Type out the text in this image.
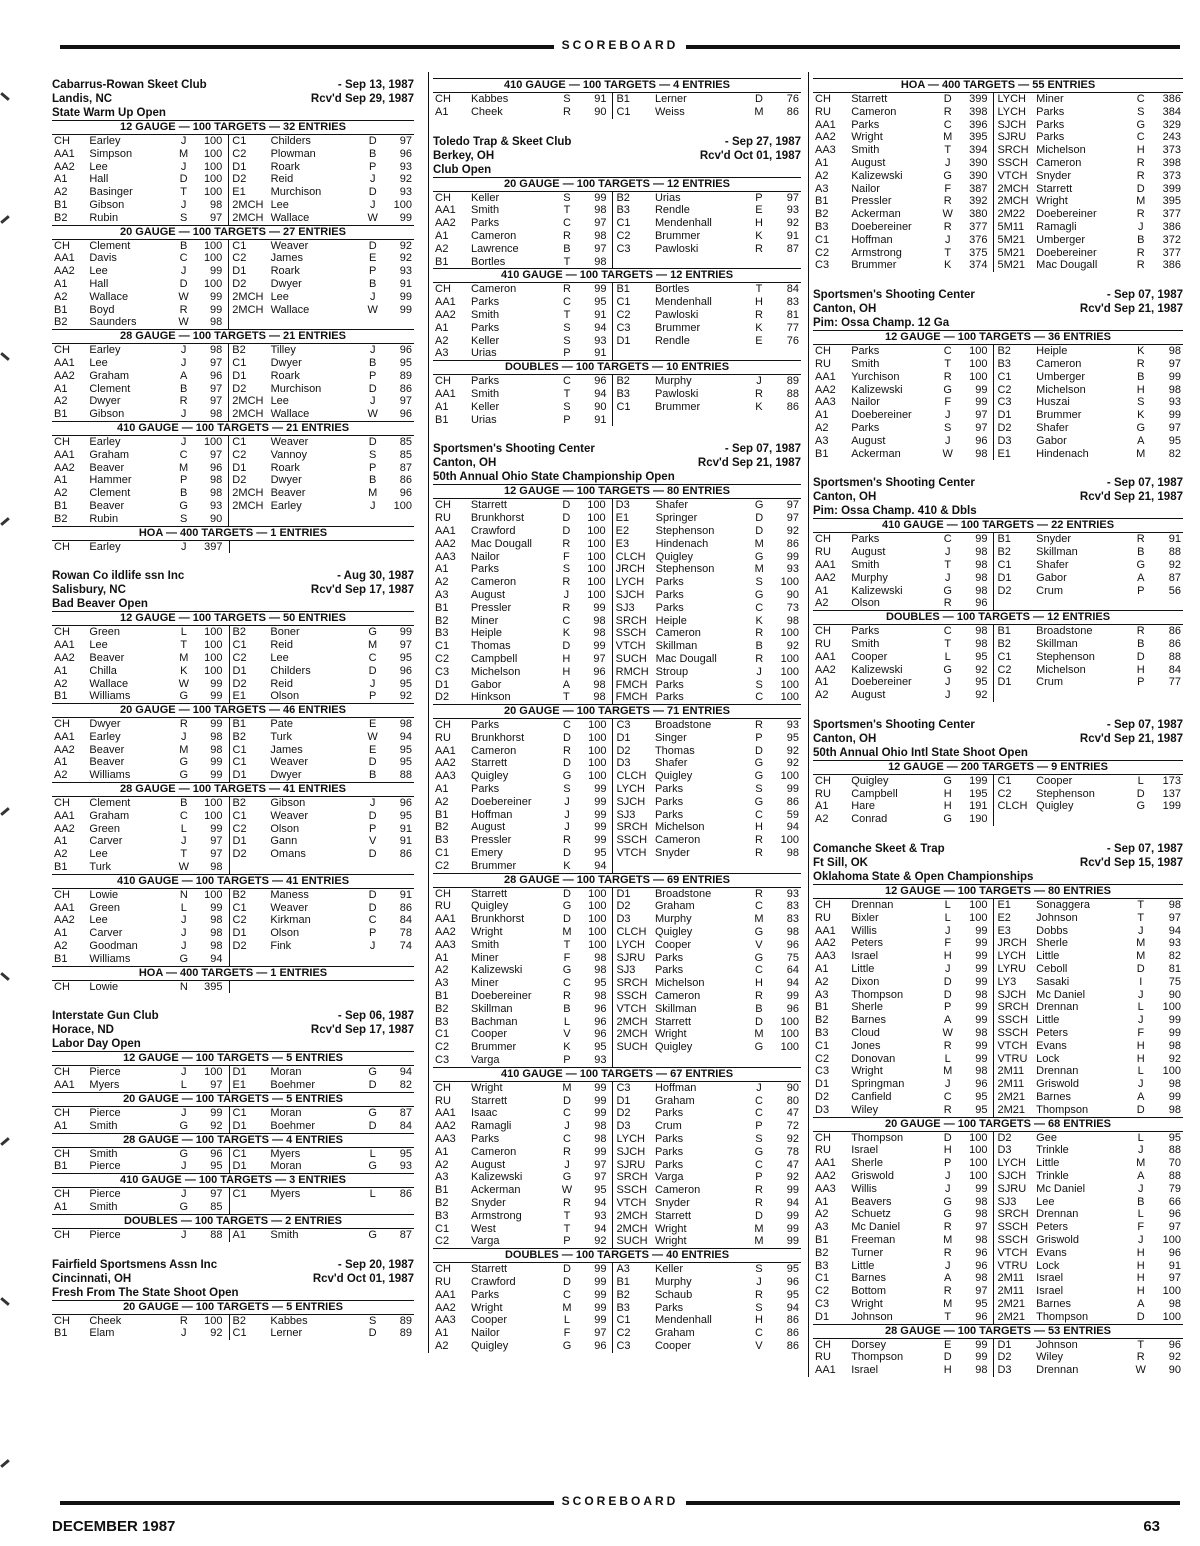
SCOREBOARD
Cabarrus-Rowan Skeet Club	- Sep 13, 1987
Landis, NC	Rcv'd Sep 29, 1987
State Warm Up Open
12 GAUGE — 100 TARGETS — 32 ENTRIES
CH	Earley	J	100	C1	Childers	D	97
AA1	Simpson	M	100	C2	Plowman	B	96
AA2	Lee	J	100	D1	Roark	P	93
A1	Hall	D	100	D2	Reid	J	92
A2	Basinger	T	100	E1	Murchison	D	93
B1	Gibson	J	98	2MCH	Lee	J	100
B2	Rubin	S	97	2MCH	Wallace	W	99
20 GAUGE — 100 TARGETS — 27 ENTRIES
CH	Clement	B	100	C1	Weaver	D	92
AA1	Davis	C	100	C2	James	E	92
AA2	Lee	J	99	D1	Roark	P	93
A1	Hall	D	100	D2	Dwyer	B	91
A2	Wallace	W	99	2MCH	Lee	J	99
B1	Boyd	R	99	2MCH	Wallace	W	99
B2	Saunders	W	98				
28 GAUGE — 100 TARGETS — 21 ENTRIES
CH	Earley	J	98	B2	Tilley	J	96
AA1	Lee	J	97	C1	Dwyer	B	95
AA2	Graham	A	96	D1	Roark	P	89
A1	Clement	B	97	D2	Murchison	D	86
A2	Dwyer	R	97	2MCH	Lee	J	97
B1	Gibson	J	98	2MCH	Wallace	W	96
410 GAUGE — 100 TARGETS — 21 ENTRIES
CH	Earley	J	100	C1	Weaver	D	85
AA1	Graham	C	97	C2	Vannoy	S	85
AA2	Beaver	M	96	D1	Roark	P	87
A1	Hammer	P	98	D2	Dwyer	B	86
A2	Clement	B	98	2MCH	Beaver	M	96
B1	Beaver	G	93	2MCH	Earley	J	100
B2	Rubin	S	90				
HOA — 400 TARGETS — 1 ENTRIES
CH	Earley	J	397				
Rowan Co ildlife ssn Inc	- Aug 30, 1987
Salisbury, NC	Rcv'd Sep 17, 1987
Bad Beaver Open
12 GAUGE — 100 TARGETS — 50 ENTRIES
CH	Green	L	100	B2	Boner	G	99
AA1	Lee	T	100	C1	Reid	M	97
AA2	Beaver	M	100	C2	Lee	C	95
A1	Chilla	K	100	D1	Childers	D	96
A2	Wallace	W	99	D2	Reid	J	95
B1	Williams	G	99	E1	Olson	P	92
20 GAUGE — 100 TARGETS — 46 ENTRIES
CH	Dwyer	R	99	B1	Pate	E	98
AA1	Earley	J	98	B2	Turk	W	94
AA2	Beaver	M	98	C1	James	E	95
A1	Beaver	G	99	C1	Weaver	D	95
A2	Williams	G	99	D1	Dwyer	B	88
28 GAUGE — 100 TARGETS — 41 ENTRIES
CH	Clement	B	100	B2	Gibson	J	96
AA1	Graham	C	100	C1	Weaver	D	95
AA2	Green	L	99	C2	Olson	P	91
A1	Carver	J	97	D1	Gann	V	91
A2	Lee	T	97	D2	Omans	D	86
B1	Turk	W	98				
410 GAUGE — 100 TARGETS — 41 ENTRIES
CH	Lowie	N	100	B2	Maness	D	91
AA1	Green	L	99	C1	Weaver	D	86
AA2	Lee	J	98	C2	Kirkman	C	84
A1	Carver	J	98	D1	Olson	P	78
A2	Goodman	J	98	D2	Fink	J	74
B1	Williams	G	94				
HOA — 400 TARGETS — 1 ENTRIES
CH	Lowie	N	395				
Interstate Gun Club	- Sep 06, 1987
Horace, ND	Rcv'd Sep 17, 1987
Labor Day Open
12 GAUGE — 100 TARGETS — 5 ENTRIES
CH	Pierce	J	100	D1	Moran	G	94
AA1	Myers	L	97	E1	Boehmer	D	82
20 GAUGE — 100 TARGETS — 5 ENTRIES
CH	Pierce	J	99	C1	Moran	G	87
A1	Smith	G	92	D1	Boehmer	D	84
28 GAUGE — 100 TARGETS — 4 ENTRIES
CH	Smith	G	96	C1	Myers	L	95
B1	Pierce	J	95	D1	Moran	G	93
410 GAUGE — 100 TARGETS — 3 ENTRIES
CH	Pierce	J	97	C1	Myers	L	86
A1	Smith	G	85				
DOUBLES — 100 TARGETS — 2 ENTRIES
CH	Pierce	J	88	A1	Smith	G	87
Fairfield Sportsmens Assn Inc	- Sep 20, 1987
Cincinnati, OH	Rcv'd Oct 01, 1987
Fresh From The State Shoot Open
20 GAUGE — 100 TARGETS — 5 ENTRIES
CH	Cheek	R	100	B2	Kabbes	S	89
B1	Elam	J	92	C1	Lerner	D	89
410 GAUGE — 100 TARGETS — 4 ENTRIES
CH	Kabbes	S	91	B1	Lerner	D	76
A1	Cheek	R	90	C1	Weiss	M	86
Toledo Trap & Skeet Club	- Sep 27, 1987
Berkey, OH	Rcv'd Oct 01, 1987
Club Open
20 GAUGE — 100 TARGETS — 12 ENTRIES
CH	Keller	S	99	B2	Urias	P	97
AA1	Smith	T	98	B3	Rendle	E	93
AA2	Parks	C	97	C1	Mendenhall	H	92
A1	Cameron	R	98	C2	Brummer	K	91
A2	Lawrence	B	97	C3	Pawloski	R	87
B1	Bortles	T	98				
410 GAUGE — 100 TARGETS — 12 ENTRIES
CH	Cameron	R	99	B1	Bortles	T	84
AA1	Parks	C	95	C1	Mendenhall	H	83
AA2	Smith	T	91	C2	Pawloski	R	81
A1	Parks	S	94	C3	Brummer	K	77
A2	Keller	S	93	D1	Rendle	E	76
A3	Urias	P	91				
DOUBLES — 100 TARGETS — 10 ENTRIES
CH	Parks	C	96	B2	Murphy	J	89
AA1	Smith	T	94	B3	Pawloski	R	88
A1	Keller	S	90	C1	Brummer	K	86
B1	Urias	P	91				
Sportsmen's Shooting Center	- Sep 07, 1987
Canton, OH	Rcv'd Sep 21, 1987
50th Annual Ohio State Championship Open
12 GAUGE — 100 TARGETS — 80 ENTRIES
CH	Starrett	D	100	D3	Shafer	G	97
RU	Brunkhorst	D	100	E1	Springer	D	97
AA1	Crawford	D	100	E2	Stephenson	D	92
AA2	Mac Dougall	R	100	E3	Hindenach	M	86
AA3	Nailor	F	100	CLCH	Quigley	G	99
A1	Parks	S	100	JRCH	Stephenson	M	93
A2	Cameron	R	100	LYCH	Parks	S	100
A3	August	J	100	SJCH	Parks	G	90
B1	Pressler	R	99	SJ3	Parks	C	73
B2	Miner	C	98	SRCH	Heiple	K	98
B3	Heiple	K	98	SSCH	Cameron	R	100
C1	Thomas	D	99	VTCH	Skillman	B	92
C2	Campbell	H	97	SUCH	Mac Dougall	R	100
C3	Michelson	H	96	RMCH	Stroup	J	100
D1	Gabor	A	98	FMCH	Parks	S	100
D2	Hinkson	T	98	FMCH	Parks	C	100
20 GAUGE — 100 TARGETS — 71 ENTRIES
CH	Parks	C	100	C3	Broadstone	R	93
RU	Brunkhorst	D	100	D1	Singer	P	95
AA1	Cameron	R	100	D2	Thomas	D	92
AA2	Starrett	D	100	D3	Shafer	G	92
AA3	Quigley	G	100	CLCH	Quigley	G	100
A1	Parks	S	99	LYCH	Parks	S	99
A2	Doebereiner	J	99	SJCH	Parks	G	86
B1	Hoffman	J	99	SJ3	Parks	C	59
B2	August	J	99	SRCH	Michelson	H	94
B3	Pressler	R	99	SSCH	Cameron	R	100
C1	Emery	D	95	VTCH	Snyder	R	98
C2	Brummer	K	94				
28 GAUGE — 100 TARGETS — 69 ENTRIES
CH	Starrett	D	100	D1	Broadstone	R	93
RU	Quigley	G	100	D2	Graham	C	83
AA1	Brunkhorst	D	100	D3	Murphy	M	83
AA2	Wright	M	100	CLCH	Quigley	G	98
AA3	Smith	T	100	LYCH	Cooper	V	96
A1	Miner	F	98	SJRU	Parks	G	75
A2	Kalizewski	G	98	SJ3	Parks	C	64
A3	Miner	C	95	SRCH	Michelson	H	94
B1	Doebereiner	R	98	SSCH	Cameron	R	99
B2	Skillman	B	96	VTCH	Skillman	B	96
B3	Bachman	L	96	2MCH	Starrett	D	100
C1	Cooper	V	96	2MCH	Wright	M	100
C2	Brummer	K	95	SUCH	Quigley	G	100
C3	Varga	P	93				
410 GAUGE — 100 TARGETS — 67 ENTRIES
CH	Wright	M	99	C3	Hoffman	J	90
RU	Starrett	D	99	D1	Graham	C	80
AA1	Isaac	C	99	D2	Parks	C	47
AA2	Ramagli	J	98	D3	Crum	P	72
AA3	Parks	C	98	LYCH	Parks	S	92
A1	Cameron	R	99	SJCH	Parks	G	78
A2	August	J	97	SJRU	Parks	C	47
A3	Kalizewski	G	97	SRCH	Varga	P	92
B1	Ackerman	W	95	SSCH	Cameron	R	99
B2	Snyder	R	94	VTCH	Snyder	R	94
B3	Armstrong	T	93	2MCH	Starrett	D	99
C1	West	T	94	2MCH	Wright	M	99
C2	Varga	P	92	SUCH	Wright	M	99
DOUBLES — 100 TARGETS — 40 ENTRIES
CH	Starrett	D	99	A3	Keller	S	95
RU	Crawford	D	99	B1	Murphy	J	96
AA1	Parks	C	99	B2	Schaub	R	95
AA2	Wright	M	99	B3	Parks	S	94
AA3	Cooper	L	99	C1	Mendenhall	H	86
A1	Nailor	F	97	C2	Graham	C	86
A2	Quigley	G	96	C3	Cooper	V	86
HOA — 400 TARGETS — 55 ENTRIES
CH	Starrett	D	399	LYCH	Miner	C	386
RU	Cameron	R	398	LYCH	Parks	S	384
AA1	Parks	C	396	SJCH	Parks	G	329
AA2	Wright	M	395	SJRU	Parks	C	243
AA3	Smith	T	394	SRCH	Michelson	H	373
A1	August	J	390	SSCH	Cameron	R	398
A2	Kalizewski	G	390	VTCH	Snyder	R	373
A3	Nailor	F	387	2MCH	Starrett	D	399
B1	Pressler	R	392	2MCH	Wright	M	395
B2	Ackerman	W	380	2M22	Doebereiner	R	377
B3	Doebereiner	R	377	5M11	Ramagli	J	386
C1	Hoffman	J	376	5M21	Umberger	B	372
C2	Armstrong	T	375	5M21	Doebereiner	R	377
C3	Brummer	K	374	5M21	Mac Dougall	R	386
Sportsmen's Shooting Center	- Sep 07, 1987
Canton, OH	Rcv'd Sep 21, 1987
Pim: Ossa Champ. 12 Ga
12 GAUGE — 100 TARGETS — 36 ENTRIES
CH	Parks	C	100	B2	Heiple	K	98
RU	Smith	T	100	B3	Cameron	R	97
AA1	Yurchison	R	100	C1	Umberger	B	99
AA2	Kalizewski	G	99	C2	Michelson	H	98
AA3	Nailor	F	99	C3	Huszai	S	93
A1	Doebereiner	J	97	D1	Brummer	K	99
A2	Parks	S	97	D2	Shafer	G	97
A3	August	J	96	D3	Gabor	A	95
B1	Ackerman	W	98	E1	Hindenach	M	82
Sportsmen's Shooting Center	- Sep 07, 1987
Canton, OH	Rcv'd Sep 21, 1987
Pim: Ossa Champ. 410 & Dbls
410 GAUGE — 100 TARGETS — 22 ENTRIES
CH	Parks	C	99	B1	Snyder	R	91
RU	August	J	98	B2	Skillman	B	88
AA1	Smith	T	98	C1	Shafer	G	92
AA2	Murphy	J	98	D1	Gabor	A	87
A1	Kalizewski	G	98	D2	Crum	P	56
A2	Olson	R	96				
DOUBLES — 100 TARGETS — 12 ENTRIES
CH	Parks	C	98	B1	Broadstone	R	86
RU	Smith	T	98	B2	Skillman	B	86
AA1	Cooper	L	95	C1	Stephenson	D	88
AA2	Kalizewski	G	92	C2	Michelson	H	84
A1	Doebereiner	J	95	D1	Crum	P	77
A2	August	J	92				
Sportsmen's Shooting Center	- Sep 07, 1987
Canton, OH	Rcv'd Sep 21, 1987
50th Annual Ohio Intl State Shoot Open
12 GAUGE — 200 TARGETS — 9 ENTRIES
CH	Quigley	G	199	C1	Cooper	L	173
RU	Campbell	H	195	C2	Stephenson	D	137
A1	Hare	H	191	CLCH	Quigley	G	199
A2	Conrad	G	190				
Comanche Skeet & Trap	- Sep 07, 1987
Ft Sill, OK	Rcv'd Sep 15, 1987
Oklahoma State & Open Championships
12 GAUGE — 100 TARGETS — 80 ENTRIES
CH	Drennan	L	100	E1	Sonaggera	T	98
RU	Bixler	L	100	E2	Johnson	T	97
AA1	Willis	J	99	E3	Dobbs	J	94
AA2	Peters	F	99	JRCH	Sherle	M	93
AA3	Israel	H	99	LYCH	Little	M	82
A1	Little	J	99	LYRU	Ceboll	D	81
A2	Dixon	D	99	LY3	Sasaki	I	75
A3	Thompson	D	98	SJCH	Mc Daniel	J	90
B1	Sherle	P	99	SRCH	Drennan	L	100
B2	Barnes	A	99	SSCH	Little	J	99
B3	Cloud	W	98	SSCH	Peters	F	99
C1	Jones	R	99	VTCH	Evans	H	98
C2	Donovan	L	99	VTRU	Lock	H	92
C3	Wright	M	98	2M11	Drennan	L	100
D1	Springman	J	96	2M11	Griswold	J	98
D2	Canfield	C	95	2M21	Barnes	A	99
D3	Wiley	R	95	2M21	Thompson	D	98
20 GAUGE — 100 TARGETS — 68 ENTRIES
CH	Thompson	D	100	D2	Gee	L	95
RU	Israel	H	100	D3	Trinkle	J	88
AA1	Sherle	P	100	LYCH	Little	M	70
AA2	Griswold	J	100	SJCH	Trinkle	A	88
AA3	Willis	J	99	SJRU	Mc Daniel	J	79
A1	Beavers	G	98	SJ3	Lee	B	66
A2	Schuetz	G	98	SRCH	Drennan	L	96
A3	Mc Daniel	R	97	SSCH	Peters	F	97
B1	Freeman	M	98	SSCH	Griswold	J	100
B2	Turner	R	96	VTCH	Evans	H	96
B3	Little	J	96	VTRU	Lock	H	91
C1	Barnes	A	98	2M11	Israel	H	97
C2	Bottom	R	97	2M11	Israel	H	100
C3	Wright	M	95	2M21	Barnes	A	98
D1	Johnson	T	96	2M21	Thompson	D	100
28 GAUGE — 100 TARGETS — 53 ENTRIES
CH	Dorsey	E	99	D1	Johnson	T	96
RU	Thompson	D	99	D2	Wiley	R	92
AA1	Israel	H	98	D3	Drennan	W	90
SCOREBOARD
DECEMBER 1987	63
